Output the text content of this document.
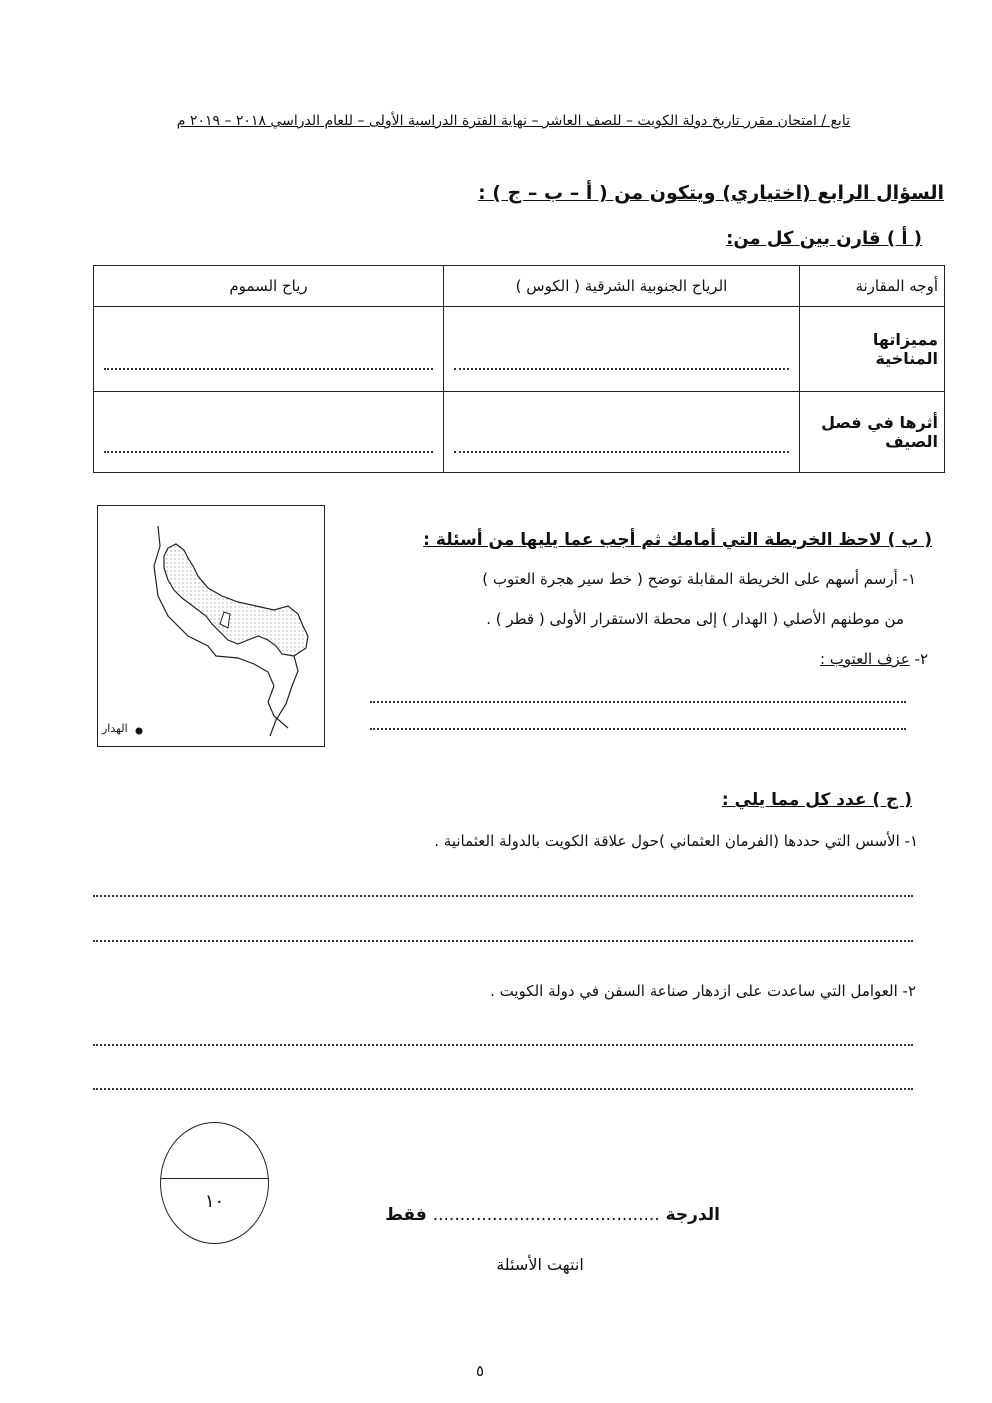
تابع / امتحان مقرر تاريخ دولة الكويت – للصف العاشر – نهاية الفترة الدراسية الأولى – للعام الدراسي ٢٠١٨ – ٢٠١٩ م
السؤال الرابع (اختياري) ويتكون من ( أ – ب – ج ) :
( أ ) قارن بين كل من:
أوجه المقارنة	الرياح الجنوبية الشرقية ( الكوس )	رياح السموم
مميزاتها المناخية	

أثرها في فصل الصيف	

الهدار
( ب ) لاحظ الخريطة التي أمامك ثم أجب عما يليها من أسئلة :
١- أرسم أسهم على الخريطة المقابلة توضح ( خط سير هجرة العتوب )
من موطنهم الأصلي ( الهدار ) إلى محطة الاستقرار الأولى ( قطر ) .
٢- عزف العتوب :
( ج ) عدد كل مما يلي :
١- الأسس التي حددها (الفرمان العثماني )حول علاقة الكويت بالدولة العثمانية .
٢- العوامل التي ساعدت على ازدهار صناعة السفن في دولة الكويت .
١٠
الدرجة .......................................... فقط
انتهت الأسئلة
٥
